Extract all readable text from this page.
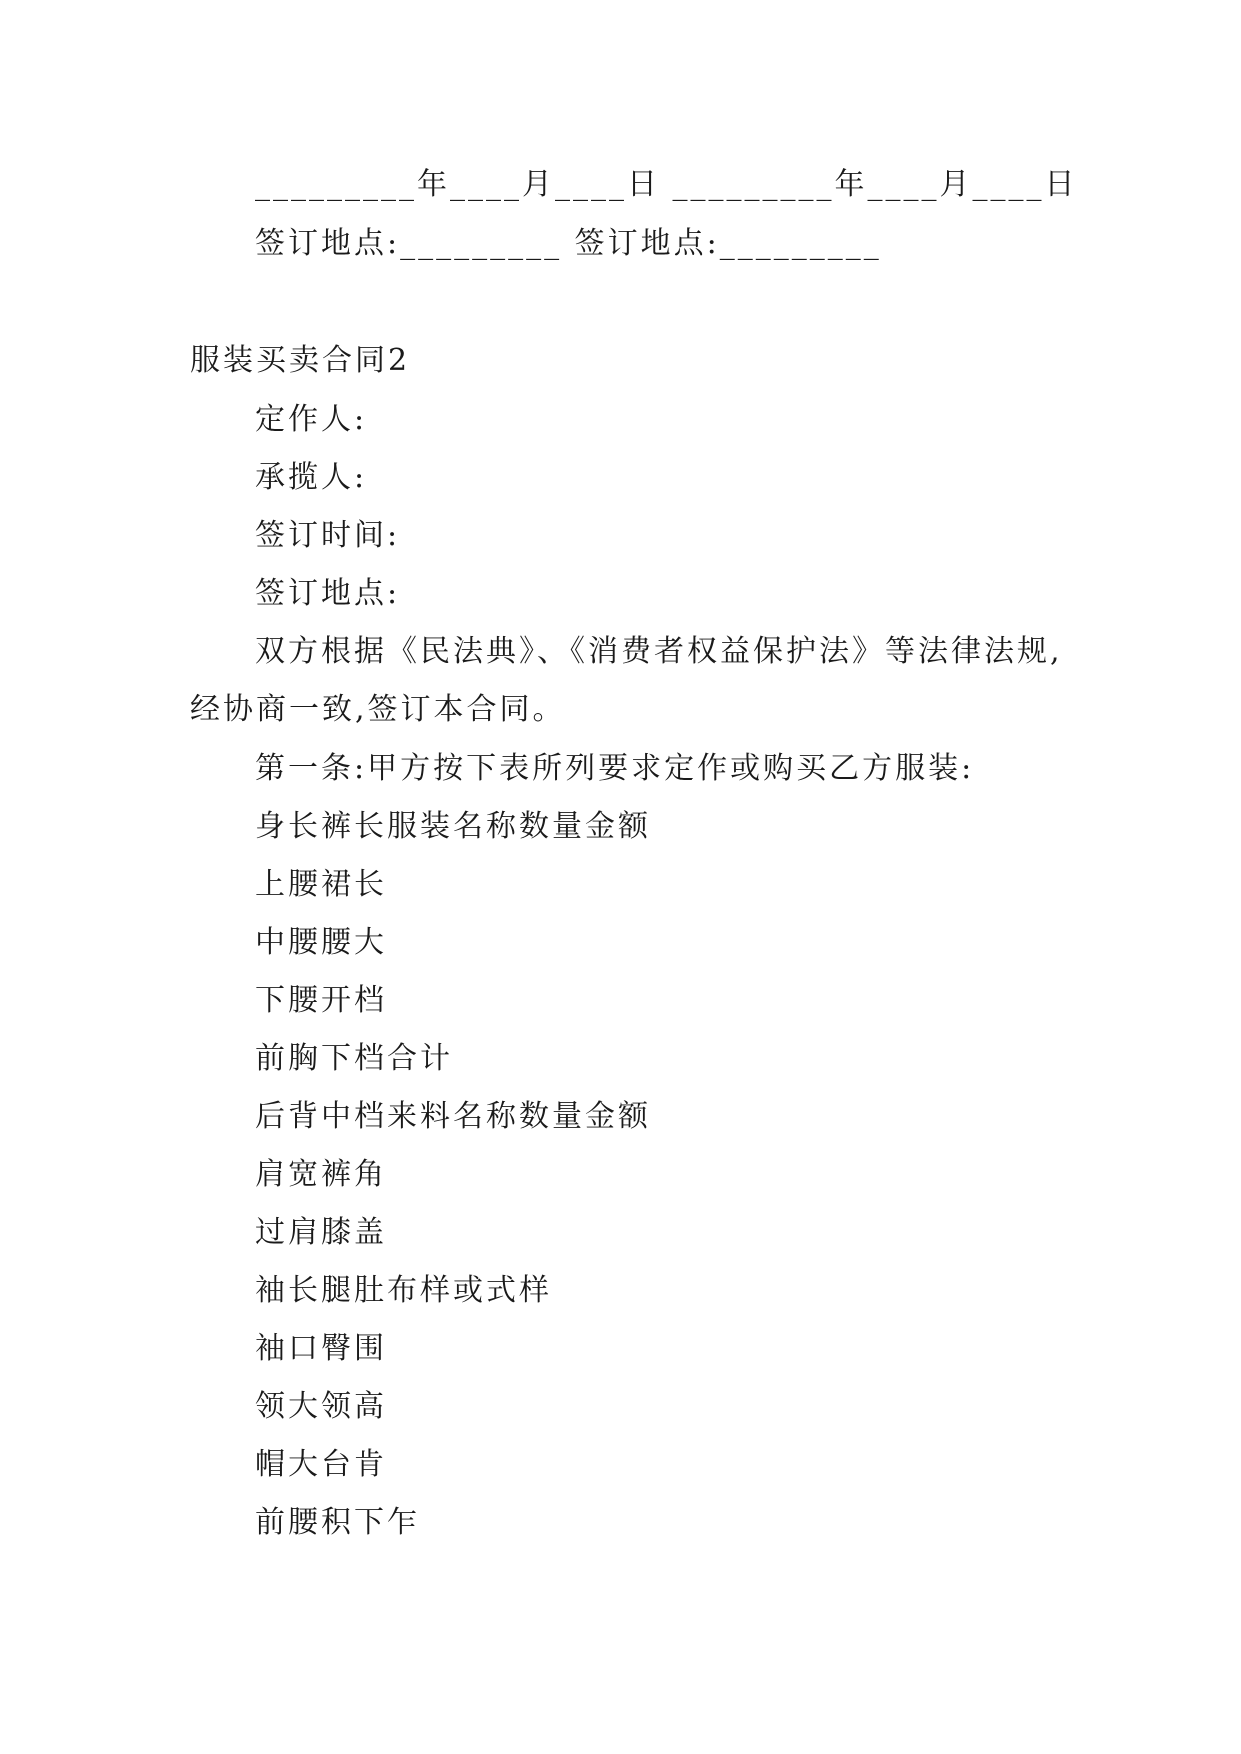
_________年____月____日 _________年____月____日
签订地点:_________ 签订地点:_________
服装买卖合同2
定作人:
承揽人:
签订时间:
签订地点:
双方根据《民法典》、《消费者权益保护法》等法律法规,
经协商一致,签订本合同。
第一条:甲方按下表所列要求定作或购买乙方服装:
身长裤长服装名称数量金额
上腰裙长
中腰腰大
下腰开档
前胸下档合计
后背中档来料名称数量金额
肩宽裤角
过肩膝盖
袖长腿肚布样或式样
袖口臀围
领大领高
帽大台肯
前腰积下乍
